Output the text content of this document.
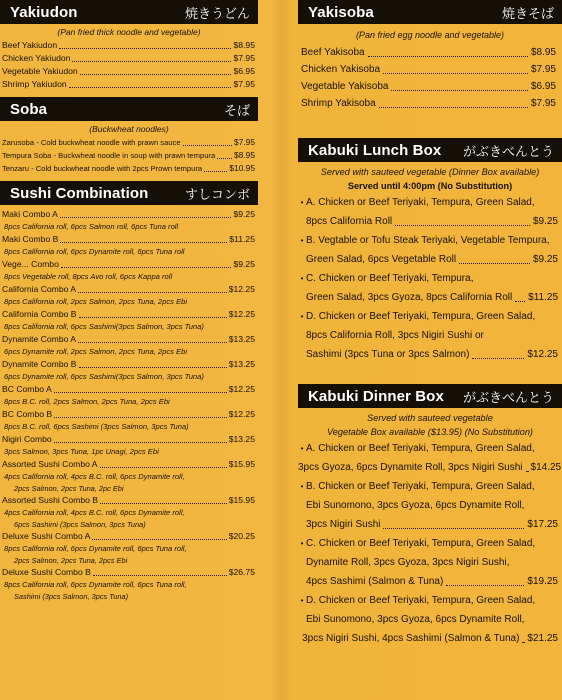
Yakiudon	焼きうどん
(Pan fried thick noodle and vegetable)
Beef Yakiudon	$8.95
Chicken Yakiudon	$7.95
Vegetable Yakiudon	$6.95
Shrimp Yakiudon	$7.95
Soba	そば
(Buckwheat noodles)
Zarusoba - Cold buckwheat noodle with prawn sauce	$7.95
Tempura Soba - Buckwheat noodle in soup with prawn tempura $8.95
Tenzaru - Cold buckwheat noodle with 2pcs Prown tempura	$10.95
Sushi Combination	すしコンボ
Maki Combo A	$9.25
8pcs California roll, 6pcs Salmon roll, 6pcs Tuna roll
Maki Combo B	$11.25
8pcs California roll, 6pcs Dynamite roll, 6pcs Tuna roll
Vege... Combo	$9.25
8pcs Vegetable roll, 8pcs Avo roll, 6pcs Kappa roll
California Combo A	$12.25
8pcs California roll, 2pcs Salmon, 2pcs Tuna, 2pcs Ebi
California Combo B	$12.25
8pcs California roll, 6pcs Sashimi(3pcs Salmon, 3pcs Tuna)
Dynamite Combo A	$13.25
6pcs Dynamite roll, 2pcs Salmon, 2pcs Tuna, 2pcs Ebi
Dynamite Combo B	$13.25
6pcs Dynamite roll, 6pcs Sashimi(3pcs Salmon, 3pcs Tuna)
BC Combo A	$12.25
8pcs B.C. roll, 2pcs Salmon, 2pcs Tuna, 2pcs Ebi
BC Combo B	$12.25
8pcs B.C. roll, 6pcs Sashimi (3pcs Salmon, 3pcs Tuna)
Nigiri Combo	$13.25
3pcs Salmon, 3pcs Tuna, 1pc Unagi, 2pcs Ebi
Assorted Sushi Combo A	$15.95
4pcs California roll, 4pcs B.C. roll, 6pcs Dynamite roll,
2pcs Salmon, 2pcs Tuna, 2pc Ebi
Assorted Sushi Combo B	$15.95
4pcs California roll, 4pcs B.C. roll, 6pcs Dynamite roll,
6pcs Sashimi (3pcs Salmon, 3pcs Tuna)
Deluxe Sushi Combo A	$20.25
8pcs California roll, 6pcs Dynamite roll, 6pcs Tuna roll,
2pcs Salmon, 2pcs Tuna, 2pcs Ebi
Deluxe Sushi Combo B	$26.75
8pcs California roll, 6pcs Dynamite roll, 6pcs Tuna roll,
Sashimi (3pcs Salmon, 3pcs Tuna)
Yakisoba	焼きそば
(Pan fried egg noodle and vegetable)
Beef Yakisoba	$8.95
Chicken Yakisoba	$7.95
Vegetable Yakisoba	$6.95
Shrimp Yakisoba	$7.95
Kabuki Lunch Box がぶきべんとう
Served with sauteed vegetable (Dinner Box available)
Served until 4:00pm (No Substitution)
• A. Chicken or Beef Teriyaki, Tempura, Green Salad,
8pcs California Roll	$9.25
• B. Vegtable or Tofu Steak Teriyaki, Vegetable Tempura,
Green Salad, 6pcs Vegetable Roll	$9.25
• C. Chicken or Beef Teriyaki, Tempura,
Green Salad, 3pcs Gyoza, 8pcs California Roll $11.25
• D. Chicken or Beef Teriyaki, Tempura, Green Salad,
8pcs California Roll, 3pcs Nigiri Sushi or
Sashimi (3pcs Tuna or 3pcs Salmon)	$12.25
Kabuki Dinner Box がぶきべんとう
Served with sauteed vegetable
Vegetable Box available ($13.95) (No Substitution)
• A. Chicken or Beef Teriyaki, Tempura, Green Salad,
3pcs Gyoza, 6pcs Dynamite Roll, 3pcs Nigiri Sushi $14.25
• B. Chicken or Beef Teriyaki, Tempura, Green Salad,
Ebi Sunomono, 3pcs Gyoza, 6pcs Dynamite Roll,
3pcs Nigiri Sushi	$17.25
• C. Chicken or Beef Teriyaki, Tempura, Green Salad,
Dynamite Roll, 3pcs Gyoza, 3pcs Nigiri Sushi,
4pcs Sashimi (Salmon & Tuna)	$19.25
• D. Chicken or Beef Teriyaki, Tempura, Green Salad,
Ebi Sunomono, 3pcs Gyoza, 6pcs Dynamite Roll,
3pcs Nigiri Sushi, 4pcs Sashimi (Salmon & Tuna) $21.25
